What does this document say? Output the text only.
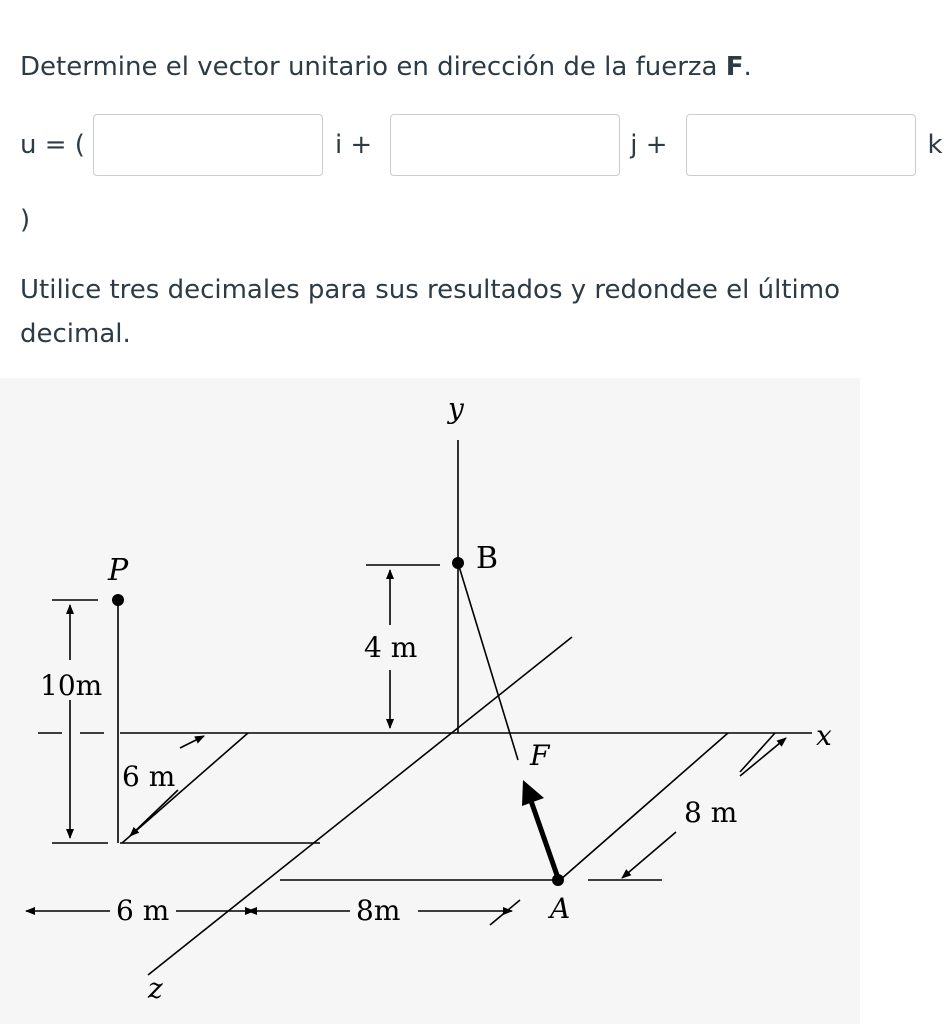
Determine el vector unitario en dirección de la fuerza F.
u = (	i +	j +	k
)
Utilice tres decimales para sus resultados y redondee el último decimal.
y
x
z
P	B
A
F
10m
4 m
6 m
6 m	8m
8 m
